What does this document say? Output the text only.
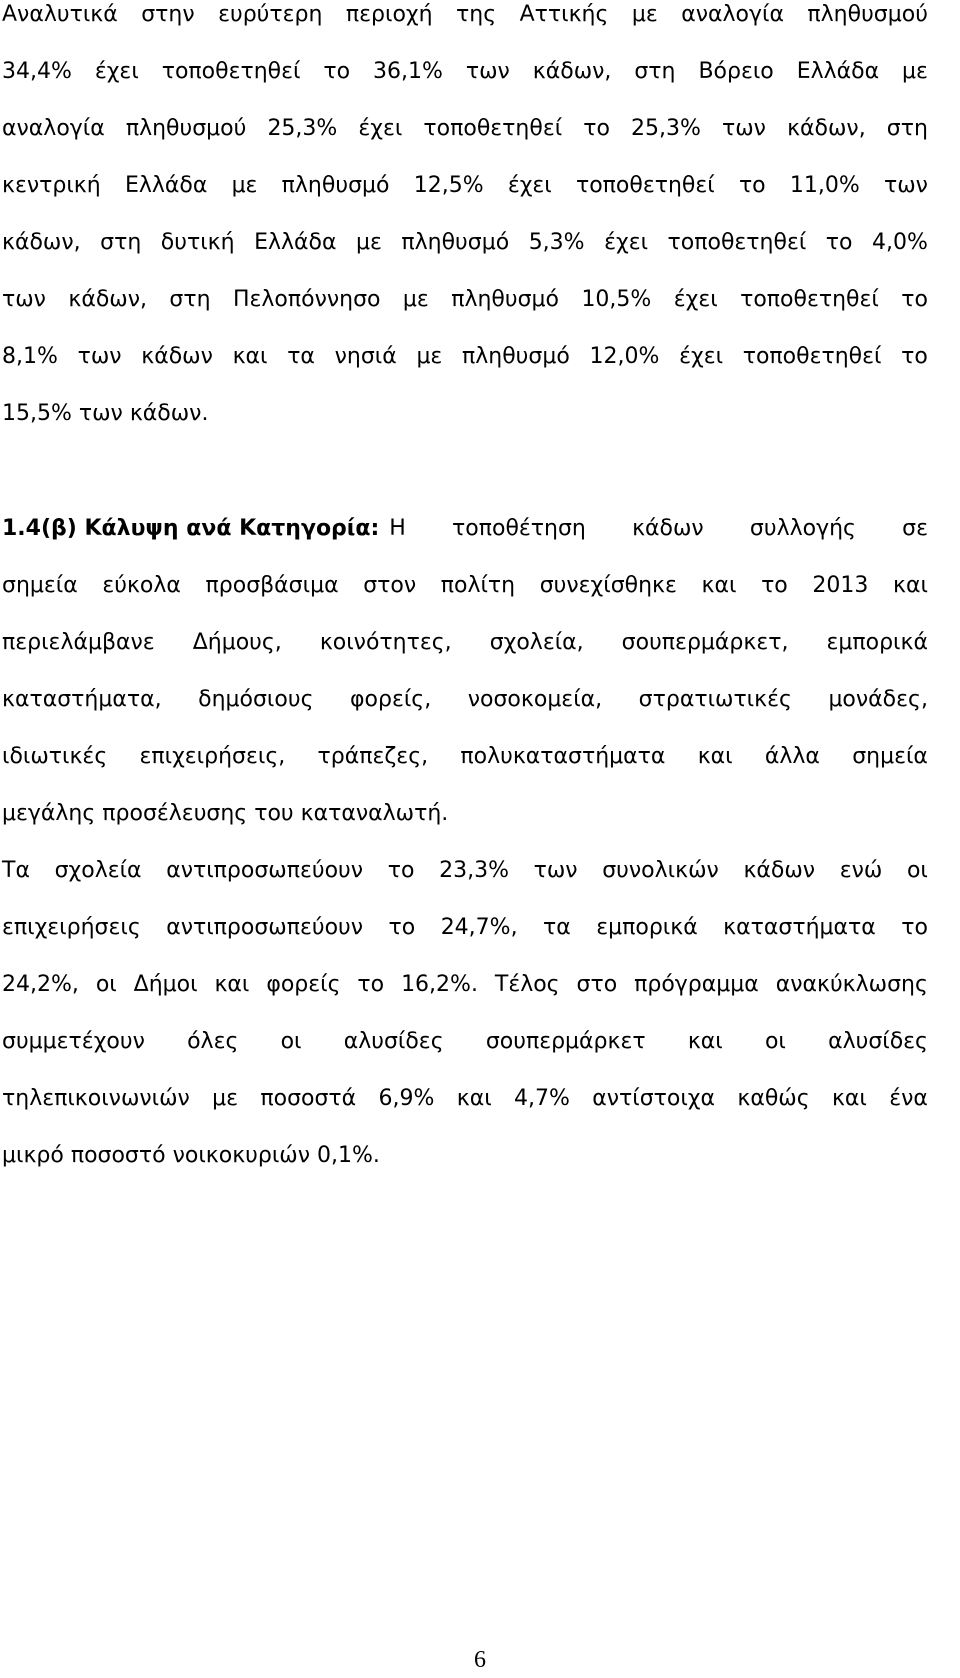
Αναλυτικά στην ευρύτερη περιοχή της Αττικής με αναλογία πληθυσμού
34,4% έχει τοποθετηθεί το 36,1% των κάδων, στη Βόρειο Ελλάδα με
αναλογία πληθυσμού 25,3% έχει τοποθετηθεί το 25,3% των κάδων, στη
κεντρική Ελλάδα με πληθυσμό 12,5% έχει τοποθετηθεί το 11,0% των
κάδων, στη δυτική Ελλάδα με πληθυσμό 5,3% έχει τοποθετηθεί το 4,0%
των κάδων, στη Πελοπόννησο με πληθυσμό 10,5% έχει τοποθετηθεί το
8,1% των κάδων και τα νησιά με πληθυσμό 12,0% έχει τοποθετηθεί το
15,5% των κάδων.
1.4(β) Κάλυψη ανά Κατηγορία: Η τοποθέτηση κάδων συλλογής σε
σημεία εύκολα προσβάσιμα στον πολίτη συνεχίσθηκε και το 2013 και
περιελάμβανε Δήμους, κοινότητες, σχολεία, σουπερμάρκετ, εμπορικά
καταστήματα, δημόσιους φορείς, νοσοκομεία, στρατιωτικές μονάδες,
ιδιωτικές επιχειρήσεις, τράπεζες, πολυκαταστήματα και άλλα σημεία
μεγάλης προσέλευσης του καταναλωτή.
Τα σχολεία αντιπροσωπεύουν το 23,3% των συνολικών κάδων ενώ οι
επιχειρήσεις αντιπροσωπεύουν το 24,7%, τα εμπορικά καταστήματα το
24,2%, οι Δήμοι και φορείς το 16,2%. Τέλος στο πρόγραμμα ανακύκλωσης
συμμετέχουν όλες οι αλυσίδες σουπερμάρκετ και οι αλυσίδες
τηλεπικοινωνιών με ποσοστά 6,9% και 4,7% αντίστοιχα καθώς και ένα
μικρό ποσοστό νοικοκυριών 0,1%.
6
